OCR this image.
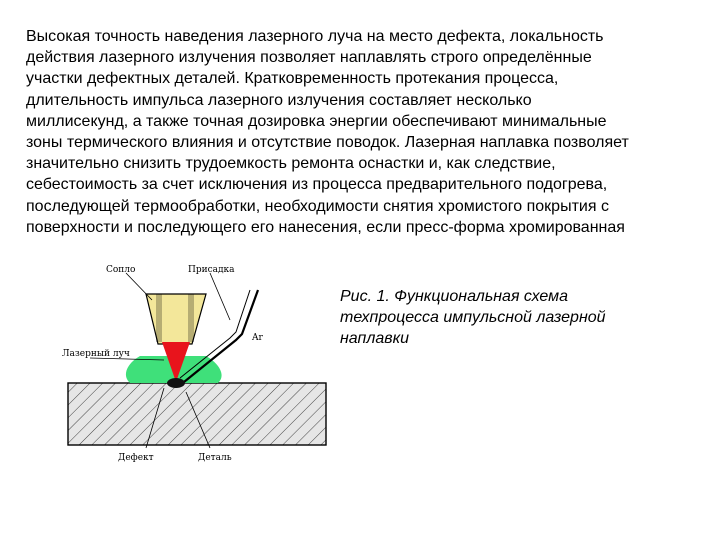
Высокая точность наведения лазерного луча на место дефекта, локальность
действия лазерного излучения позволяет наплавлять строго определённые
участки дефектных деталей. Кратковременность протекания процесса,
длительность импульса лазерного излучения составляет несколько
миллисекунд, а также точная дозировка энергии обеспечивают минимальные
зоны термического влияния и отсутствие поводок. Лазерная наплавка позволяет
значительно снизить трудоемкость ремонта оснастки и, как следствие,
себестоимость за счет исключения из процесса предварительного подогрева,
последующей термообработки, необходимости снятия хромистого покрытия с
поверхности и последующего его нанесения, если пресс-форма хромированная
Сопло	Присадка
Ar
Лазерный луч
Дефект	Деталь
Рис. 1. Функциональная схема
техпроцесса импульсной лазерной
наплавки
